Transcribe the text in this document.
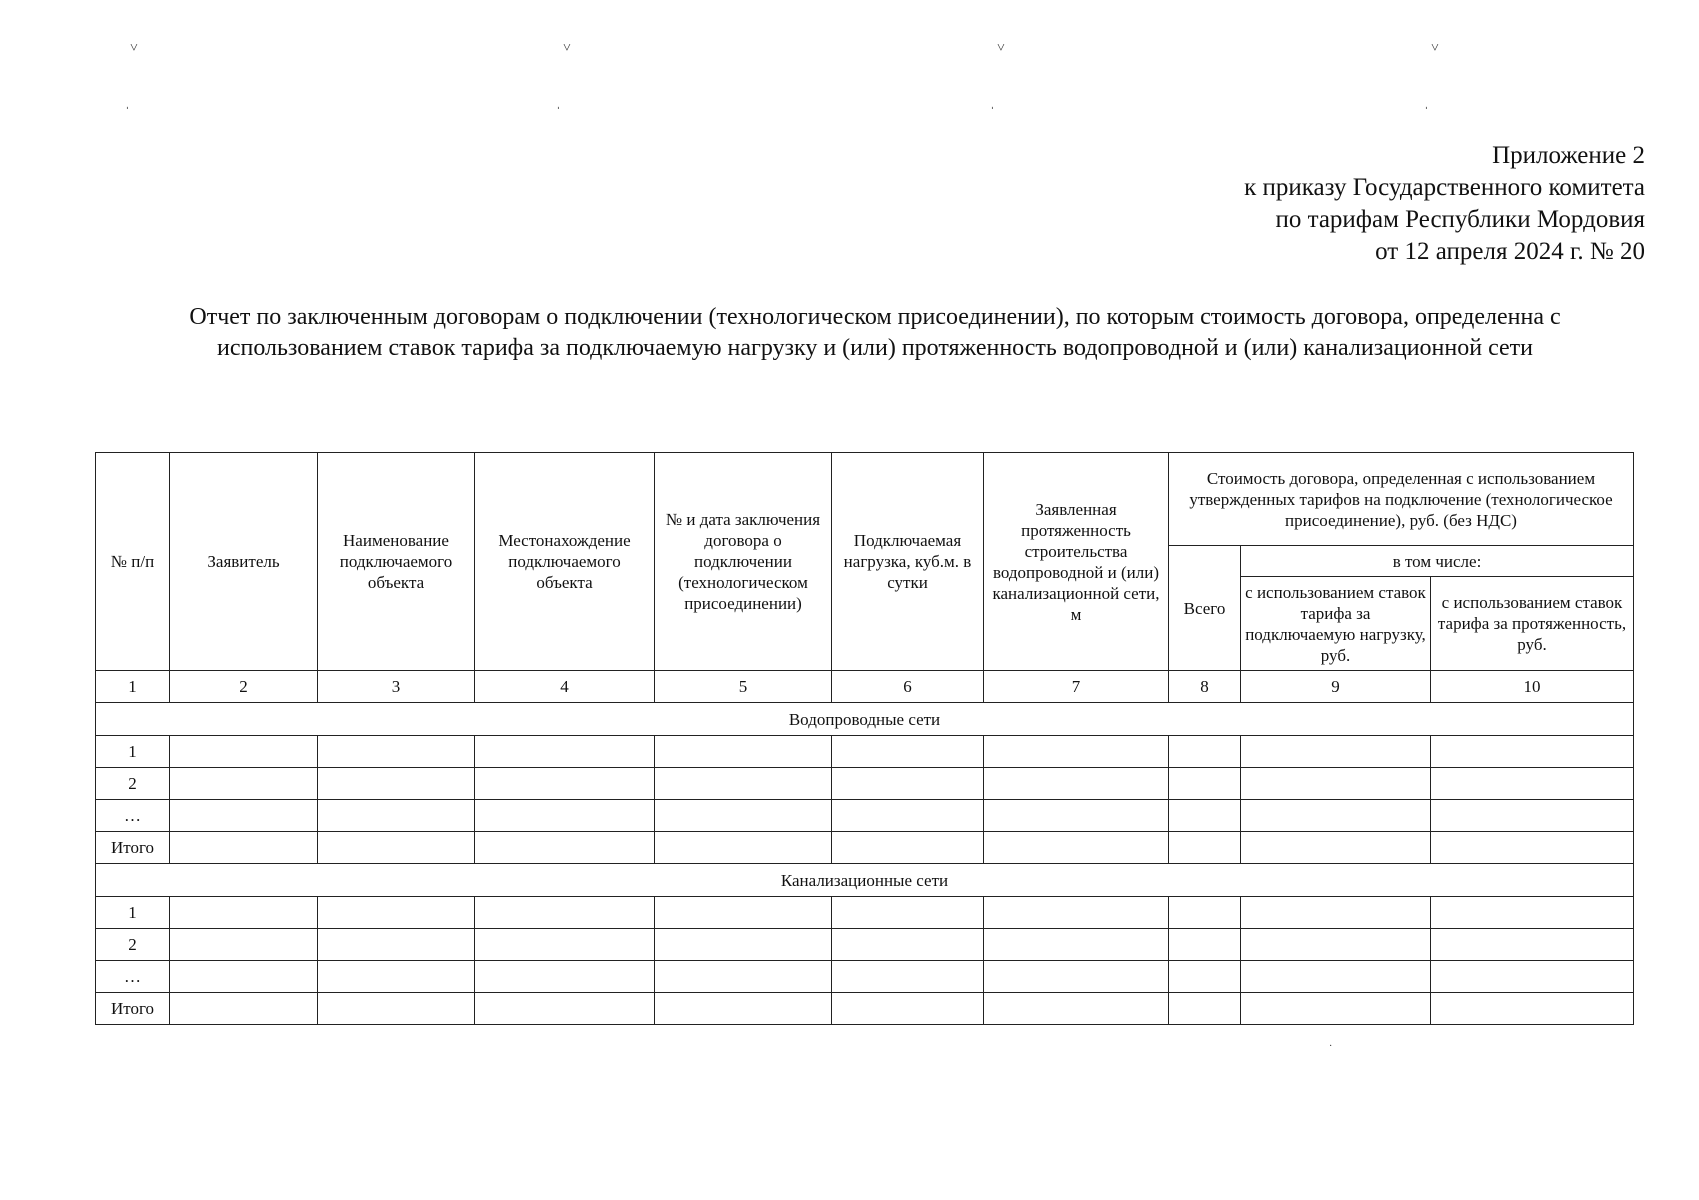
˅	˅	˅	˅
ˌ	ˌ	ˌ	ˌ
·
Приложение 2
к приказу Государственного комитета
по тарифам Республики Мордовия
от 12 апреля 2024 г. № 20
Отчет по заключенным договорам о подключении (технологическом присоединении), по которым стоимость договора, определенна с использованием ставок тарифа за подключаемую нагрузку и (или) протяженность водопроводной и (или) канализационной сети
№ п/п	Заявитель	Наименование подключаемого объекта	Местонахождение подключаемого объекта	№ и дата заключения договора о подключении (технологическом присоединении)	Подключаемая нагрузка, куб.м. в сутки	Заявленная протяженность строительства водопроводной и (или) канализационной сети, м	Стоимость договора, определенная с использованием утвержденных тарифов на подключение (технологическое присоединение), руб. (без НДС)		
							Всего	в том числе:	
								с использованием ставок тарифа за подключаемую нагрузку, руб.	с использованием ставок тарифа за протяженность, руб.
1	2	3	4	5	6	7	8	9	10
Водопроводные сети									
1									
2									
…									
Итого									
Канализационные сети									
1									
2									
…									
Итого									
